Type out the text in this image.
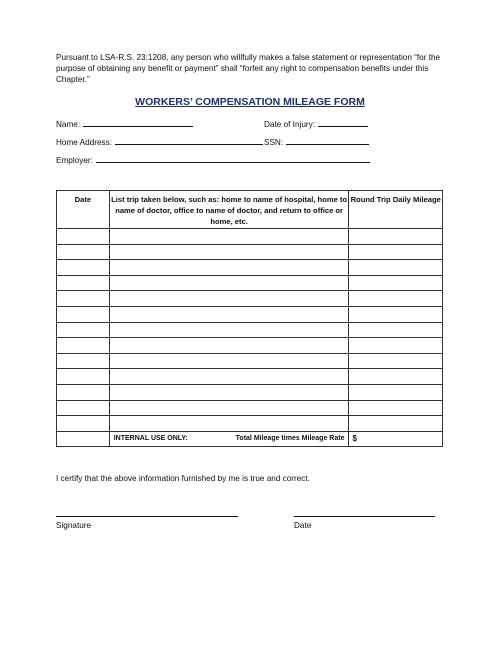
Pursuant to LSA-R.S. 23:1208, any person who willfully makes a false statement or representation “for the purpose of obtaining any benefit or payment” shall “forfeit any right to compensation benefits under this Chapter.”
WORKERS’ COMPENSATION MILEAGE FORM
Name:	Date of Injury:
Home Address:	SSN:
Employer:
Date	List trip taken below, such as: home to name of hospital, home to name of doctor, office to name of doctor, and return to office or home, etc.	Round Trip Daily Mileage

	INTERNAL USE ONLY: Total Mileage times Mileage Rate	$
I certify that the above information furnished by me is true and correct.
Signature	Date
